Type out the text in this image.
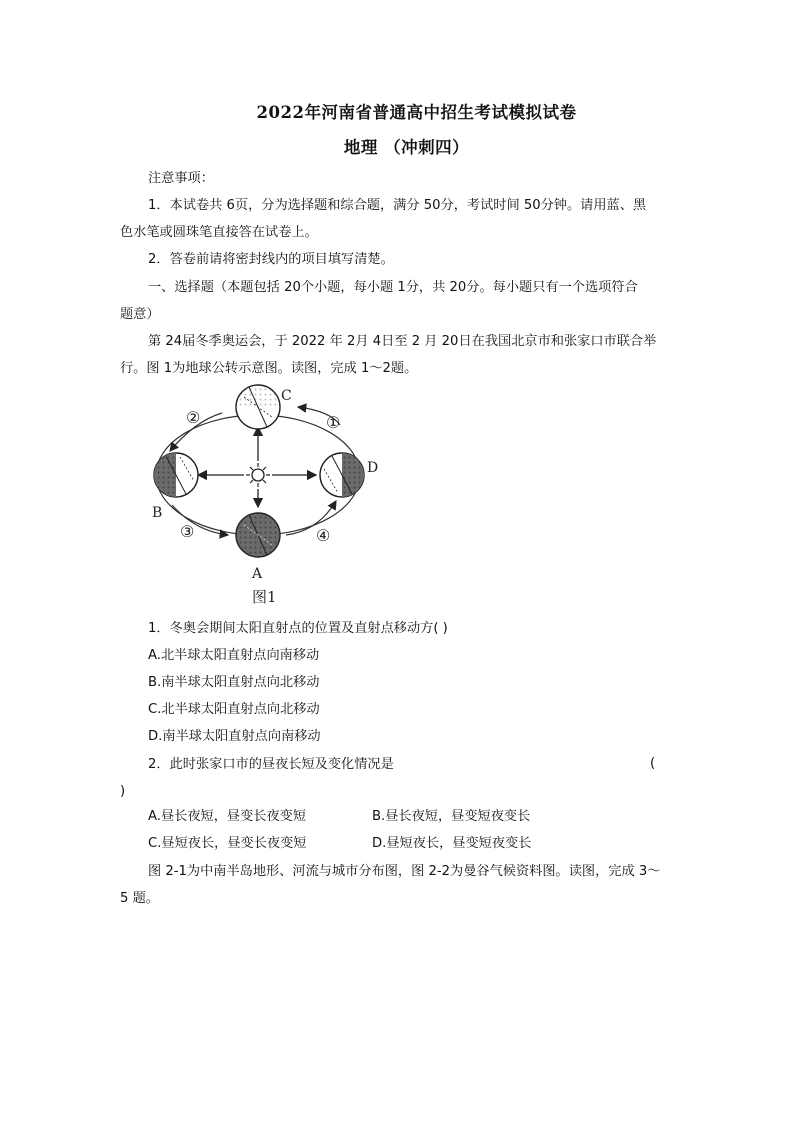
2022年河南省普通高中招生考试模拟试卷
地理 （冲刺四）
注意事项：
1．本试卷共 6页，分为选择题和综合题，满分 50分，考试时间 50分钟。请用蓝、黑
色水笔或圆珠笔直接答在试卷上。
2．答卷前请将密封线内的项目填写清楚。
一、选择题（本题包括 20个小题，每小题 1分，共 20分。每小题只有一个选项符合
题意）
第 24届冬季奥运会，于 2022 年 2月 4日至 2 月 20日在我国北京市和张家口市联合举
行。图 1为地球公转示意图。读图，完成 1～2题。
C
B
D
A
①
②
③	④
图1
1．冬奥会期间太阳直射点的位置及直射点移动方( )
A.北半球太阳直射点向南移动
B.南半球太阳直射点向北移动
C.北半球太阳直射点向北移动
D.南半球太阳直射点向南移动
2．此时张家口市的昼夜长短及变化情况是	(
)
A.昼长夜短，昼变长夜变短	B.昼长夜短，昼变短夜变长
C.昼短夜长，昼变长夜变短	D.昼短夜长，昼变短夜变长
图 2-1为中南半岛地形、河流与城市分布图，图 2-2为曼谷气候资料图。读图，完成 3～
5 题。
